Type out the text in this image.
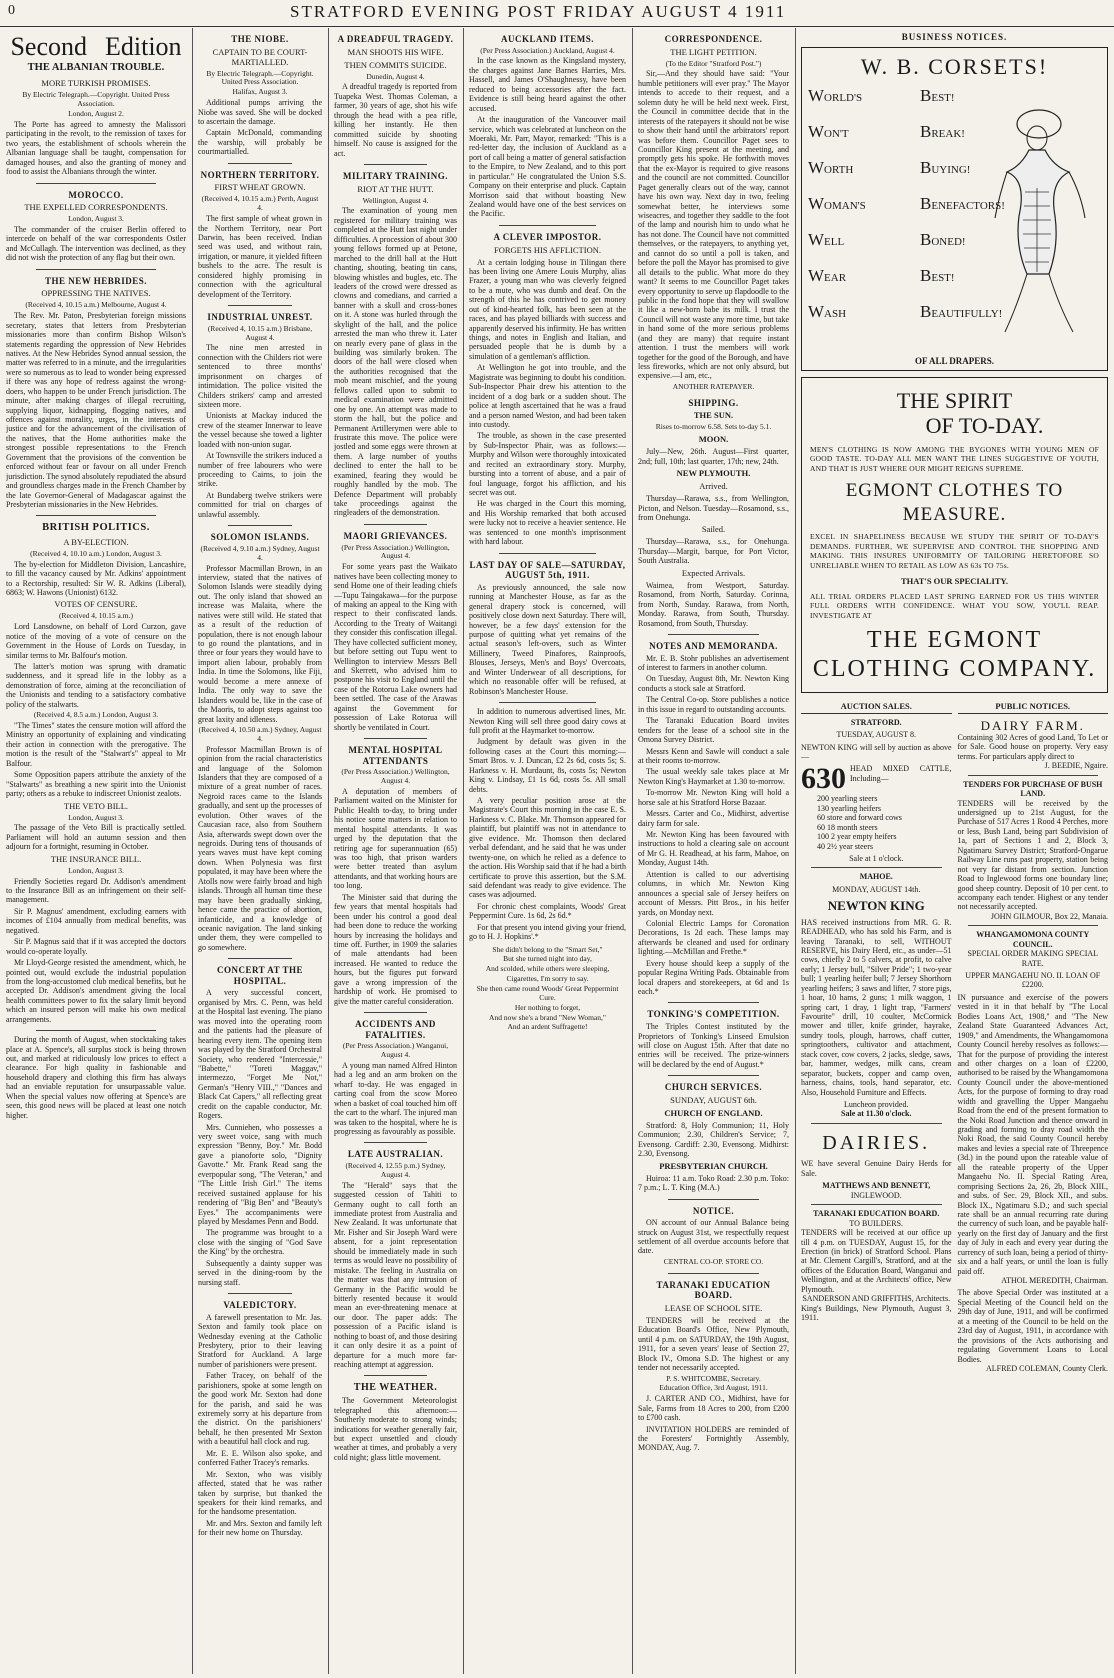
0	STRATFORD EVENING POST FRIDAY AUGUST 4 1911
Second Edition
THE ALBANIAN TROUBLE.
MORE TURKISH PROMISES.

By Electric Telegraph.—Copyright. United Press Association.

London, August 2.

The Porte has agreed to amnesty the Malissori participating in the revolt, to the remission of taxes for two years, the establishment of schools wherein the Albanian language shall be taught, compensation for damaged houses, and also the granting of money and food to assist the Albanians through the winter.

MOROCCO.
THE EXPELLED CORRESPONDENTS.

London, August 3.

The commander of the cruiser Berlin offered to intercede on behalf of the war correspondents Ostler and McCullagh. The intervention was declined, as they did not wish the protection of any flag but their own.

THE NEW HEBRIDES.
OPPRESSING THE NATIVES.

(Received 4, 10.15 a.m.) Melbourne, August 4.

The Rev. Mr. Paton, Presbyterian foreign missions secretary, states that letters from Presbyterian missionaries more than confirm Bishop Wilson's statements regarding the oppression of New Hebrides natives. At the New Hebrides Synod annual session, the matter was referred to in a minute, and the irregularities were so numerous as to lead to wonder being expressed if there was any hope of redress against the wrong-doers, who happen to be under French jurisdiction. The minute, after making charges of illegal recruiting, supplying liquor, kidnapping, flogging natives, and offences against morality, urges, in the interests of justice and for the advancement of the civilisation of the natives, that the Home authorities make the strongest possible representations to the French Government that the provisions of the convention be enforced without fear or favour on all under French jurisdiction. The synod absolutely repudiated the absurd and groundless charges made in the French Chamber by the late Governor-General of Madagascar against the Presbyterian missionaries in the New Hebrides.

BRITISH POLITICS.
A BY-ELECTION.

(Received 4, 10.10 a.m.) London, August 3.

The by-election for Middleton Division, Lancashire, to fill the vacancy caused by Mr. Adkins' appointment to a Rectorship, resulted: Sir W. R. Adkins (Liberal), 6863; W. Hawons (Unionist) 6132.

VOTES OF CENSURE.

(Received 4, 10.15 a.m.)

Lord Lansdowne, on behalf of Lord Curzon, gave notice of the moving of a vote of censure on the Government in the House of Lords on Tuesday, in similar terms to Mr. Balfour's motion.

The latter's motion was sprung with dramatic suddenness, and it spread life in the lobby as a demonstration of force, aiming at the reconciliation of the Unionists and tending to a satisfactory combative policy of the stalwarts.

(Received 4, 8.5 a.m.) London, August 3.

"The Times" states the censure motion will afford the Ministry an opportunity of explaining and vindicating their action in connection with the prerogative. The motion is the result of the "Stalwart's" appeal to Mr Balfour.

Some Opposition papers attribute the anxiety of the "Stalwarts" as breathing a new spirit into the Unionist party; others as a rebuke to indiscreet Unionist zealots.

THE VETO BILL.

London, August 3.

The passage of the Veto Bill is practically settled. Parliament will hold an autumn session and then adjourn for a fortnight, resuming in October.

THE INSURANCE BILL.

London, August 3.

Friendly Societies regard Dr. Addison's amendment to the Insurance Bill as an infringement on their self-management.

Sir P. Magnus' amendment, excluding earners with incomes of £104 annually from medical benefits, was negatived.

Sir P. Magnus said that if it was accepted the doctors would co-operate loyally.

Mr Lloyd-George resisted the amendment, which, he pointed out, would exclude the industrial population from the long-accustomed club medical benefits, but he accepted Dr. Addison's amendment giving the local health committees power to fix the salary limit beyond which an insured person will make his own medical arrangements.

During the month of August, when stocktaking takes place at A. Spence's, all surplus stock is being thrown out, and marked at ridiculously low prices to effect a clearance. For high quality in fashionable and household drapery and clothing this firm has always had an enviable reputation for unsurpassable value. When the special values now offering at Spence's are seen, this good news will be placed at least one notch higher.

THE NIOBE.
CAPTAIN TO BE COURT-MARTIALLED.

By Electric Telegraph.—Copyright. United Press Association.

Halifax, August 3.

Additional pumps arriving the Niobe was saved. She will be docked to ascertain the damage.

Captain McDonald, commanding the warship, will probably be courtmartialled.

NORTHERN TERRITORY.
FIRST WHEAT GROWN.

(Received 4, 10.15 a.m.) Perth, August 4.

The first sample of wheat grown in the Northern Territory, near Port Darwin, has been received. Indian seed was used, and without rain, irrigation, or manure, it yielded fifteen bushels to the acre. The result is considered highly promising in connection with the agricultural development of the Territory.

INDUSTRIAL UNREST.

(Received 4, 10.15 a.m.) Brisbane, August 4.

The nine men arrested in connection with the Childers riot were sentenced to three months' imprisonment on charges of intimidation. The police visited the Childers strikers' camp and arrested sixteen more.

Unionists at Mackay induced the crew of the steamer Innerwar to leave the vessel because she towed a lighter loaded with non-union sugar.

At Townsville the strikers induced a number of free labourers who were proceeding to Cairns, to join the strike.

At Bundaberg twelve strikers were committed for trial on charges of unlawful assembly.

SOLOMON ISLANDS.

(Received 4, 9.10 a.m.) Sydney, August 4.

Professor Macmillan Brown, in an interview, stated that the natives of Solomon Islands were steadily dying out. The only island that showed an increase was Malaita, where the natives were still wild. He stated that as a result of the reduction of population, there is not enough labour to go round the plantations, and in three or four years they would have to import alien labour, probably from India. In time the Solomons, like Fiji, would become a mere annexe of India. The only way to save the Islanders would be, like in the case of the Maoris, to adopt steps against too great laxity and idleness.

(Received 4, 10.50 a.m.) Sydney, August 4.

Professor Macmillan Brown is of opinion from the racial characteristics and language of the Solomon Islanders that they are composed of a mixture of a great number of races. Negroid races came to the Islands gradually, and sent up the processes of evolution. Other waves of the Caucasian race, also from Southern Asia, afterwards swept down over the negroids. During tens of thousands of years waves must have kept coming down. When Polynesia was first populated, it may have been where the Atolls now were fairly broad and high islands. Through all human time these may have been gradually sinking, hence came the practice of abortion, infanticide, and a knowledge of oceanic navigation. The land sinking under them, they were compelled to go somewhere.

CONCERT AT THE HOSPITAL.

A very successful concert, organised by Mrs. C. Penn, was held at the Hospital last evening. The piano was moved into the operating room and the patients had the pleasure of hearing every item. The opening item was played by the Stratford Orchestral Society, who rendered "Intercessie," "Babette," "Toreti Maggav," intermezzo, "Forget Me Not," German's "Henry VIII.," "Dances and Black Cat Capers," all reflecting great credit on the capable conductor, Mr. Rogers.

Mrs. Cunniehen, who possesses a very sweet voice, sang with much expression "Benny, Boy." Mr. Bodd gave a pianoforte solo, "Dignity Gavotte." Mr. Frank Read sang the everpopular song, "The Veteran," and "The Little Irish Girl." The items received sustained applause for his rendering of "Big Ben" and "Beauty's Eyes." The accompaniments were played by Mesdames Penn and Bodd.

The programme was brought to a close with the singing of "God Save the King" by the orchestra.

Subsequently a dainty supper was served in the dining-room by the nursing staff.

VALEDICTORY.

A farewell presentation to Mr. Jas. Sexton and family took place on Wednesday evening at the Catholic Presbytery, prior to their leaving Stratford for Auckland. A large number of parishioners were present.

Father Tracey, on behalf of the parishioners, spoke at some length on the good work Mr. Sexton had done for the parish, and said he was extremely sorry at his departure from the district. On the parishioners' behalf, he then presented Mr Sexton with a beautiful hall clock and rug.

Mr. E. E. Wilson also spoke, and conferred Father Tracey's remarks.

Mr. Sexton, who was visibly affected, stated that he was rather taken by surprise, but thanked the speakers for their kind remarks, and for the handsome presentation.

Mr. and Mrs. Sexton and family left for their new home on Thursday.

A DREADFUL TRAGEDY.
MAN SHOOTS HIS WIFE.
THEN COMMITS SUICIDE.

Dunedin, August 4.

A dreadful tragedy is reported from Tuapeka West. Thomas Coleman, a farmer, 30 years of age, shot his wife through the head with a pea rifle, killing her instantly. He then committed suicide by shooting himself. No cause is assigned for the act.

MILITARY TRAINING.
RIOT AT THE HUTT.

Wellington, August 4.

The examination of young men registered for military training was completed at the Hutt last night under difficulties. A procession of about 300 young fellows formed up at Petone, marched to the drill hall at the Hutt chanting, shouting, beating tin cans, blowing whistles and bugles, etc. The leaders of the crowd were dressed as clowns and comedians, and carried a banner with a skull and cross-bones on it. A stone was hurled through the skylight of the hall, and the police arrested the man who threw it. Later on nearly every pane of glass in the building was similarly broken. The doors of the hall were closed when the authorities recognised that the mob meant mischief, and the young fellows called upon to submit to medical examination were admitted one by one. An attempt was made to storm the hall, but the police and Permanent Artillerymen were able to frustrate this move. The police were jostled and some eggs were thrown at them. A large number of youths declined to enter the hall to be examined, fearing they would be roughly handled by the mob. The Defence Department will probably take proceedings against the ringleaders of the demonstration.

MAORI GRIEVANCES.

(Per Press Association.) Wellington, August 4.

For some years past the Waikato natives have been collecting money to send Home one of their leading chiefs—Tupu Taingakawa—for the purpose of making an appeal to the King with respect to their confiscated lands. According to the Treaty of Waitangi they consider this confiscation illegal. They have collected sufficient money, but before setting out Tupu went to Wellington to interview Messrs Bell and Skerrett, who advised him to postpone his visit to England until the case of the Rotorua Lake owners had been settled. The case of the Arawas against the Government for possession of Lake Rotorua will shortly be ventilated in Court.

MENTAL HOSPITAL ATTENDANTS

(Per Press Association.) Wellington, August 4.

A deputation of members of Parliament waited on the Minister for Public Health to-day, to bring under his notice some matters in relation to mental hospital attendants. It was urged by the deputation that the retiring age for superannuation (65) was too high, that prison warders were better treated than asylum attendants, and that working hours are too long.

The Minister said that during the few years that mental hospitals had been under his control a good deal had been done to reduce the working hours by increasing the holidays and time off. Further, in 1909 the salaries of male attendants had been increased. He wanted to reduce the hours, but the figures put forward gave a wrong impression of the hardship of work. He promised to give the matter careful consideration.

ACCIDENTS AND FATALITIES.

(Per Press Association.) Wanganui, August 4.

A young man named Alfred Hinton had a leg and an arm broken on the wharf to-day. He was engaged in carting coal from the scow Moreo when a basket of coal touched him off the cart to the wharf. The injured man was taken to the hospital, where he is progressing as favourably as possible.

LATE AUSTRALIAN.

(Received 4, 12.55 p.m.) Sydney, August 4.

The "Herald" says that the suggested cession of Tahiti to Germany ought to call forth an immediate protest from Australia and New Zealand. It was unfortunate that Mr. Fisher and Sir Joseph Ward were absent, for a joint representation should be immediately made in such terms as would leave no possibility of mistake. The feeling in Australia on the matter was that any intrusion of Germany in the Pacific would be bitterly resented because it would mean an ever-threatening menace at our door. The paper adds: The possession of a Pacific island is nothing to boast of, and those desiring it can only desire it as a point of departure for a much more far-reaching attempt at aggression.

THE WEATHER.

The Government Meteorologist telegraphed this afternoon:—Southerly moderate to strong winds; indications for weather generally fair, but expect unsettled and cloudy weather at times, and probably a very cold night; glass little movement.

AUCKLAND ITEMS.

(Per Press Association.) Auckland, August 4.

In the case known as the Kingsland mystery, the charges against Jane Barnes Harries, Mrs. Hassell, and James O'Shaughnessy, have been reduced to being accessories after the fact. Evidence is still being heard against the other accused.

At the inauguration of the Vancouver mail service, which was celebrated at luncheon on the Moeraki, Mr. Parr, Mayor, remarked: "This is a red-letter day, the inclusion of Auckland as a port of call being a matter of general satisfaction to the Empire, to New Zealand, and to this port in particular." He congratulated the Union S.S. Company on their enterprise and pluck. Captain Morrison said that without boasting New Zealand would have one of the best services on the Pacific.

A CLEVER IMPOSTOR.
FORGETS HIS AFFLICTION.

At a certain lodging house in Tilingan there has been living one Amere Louis Murphy, alias Frazer, a young man who was cleverly feigned to be a mute, who was dumb and deaf. On the strength of this he has contrived to get money out of kind-hearted folk, has been seen at the races, and has played billiards with success and apparently deserved his infirmity. He has written things, and notes in English and Italian, and persuaded people that he is dumb by a simulation of a gentleman's affliction.

At Wellington he got into trouble, and the Magistrate was beginning to doubt his condition. Sub-Inspector Phair drew his attention to the incident of a dog bark or a sudden shout. The police at length ascertained that he was a fraud and a person named Weston, and had been taken into custody.

The trouble, as shown in the case presented by Sub-Inspector Phair, was as follows:—Murphy and Wilson were thoroughly intoxicated and recited an extraordinary story. Murphy, bursting into a torrent of abuse, and a pair of foul language, forgot his affliction, and his secret was out.

He was charged in the Court this morning, and His Worship remarked that both accused were lucky not to receive a heavier sentence. He was sentenced to one month's imprisonment with hard labour.

LAST DAY OF SALE—SATURDAY, AUGUST 5th, 1911.

As previously announced, the sale now running at Manchester House, as far as the general drapery stock is concerned, will positively close down next Saturday. There will, however, be a few days' extension for the purpose of quitting what yet remains of the actual season's left-overs, such as Winter Millinery, Tweed Pinafores, Rainproofs, Blouses, Jerseys, Men's and Boys' Overcoats, and Winter Underwear of all descriptions, for which no reasonable offer will be refused, at Robinson's Manchester House.

In addition to numerous advertised lines, Mr. Newton King will sell three good dairy cows at full profit at the Haymarket to-morrow.

Judgment by default was given in the following cases at the Court this morning:—Smart Bros. v. J. Duncan, £2 2s 6d, costs 5s; S. Harkness v. H. Murdaunt, 8s, costs 5s; Newton King v. Lindsay, £1 1s 6d, costs 5s. All small debts.

A very peculiar position arose at the Magistrate's Court this morning in the case E. S. Harkness v. C. Blake. Mr. Thomson appeared for plaintiff, but plaintiff was not in attendance to give evidence. Mr. Thomson then declared verbal defendant, and he said that he was under twenty-one, on which he relied as a defence to the action. His Worship said that if he had a birth certificate to prove this assertion, but the S.M. said defendant was ready to give evidence. The cases was adjourned.

For chronic chest complaints, Woods' Great Peppermint Cure. 1s 6d, 2s 6d.*

For that present you intend giving your friend, go to H. J. Hopkins'.*

She didn't belong to the "Smart Set,"

But she turned night into day,

And scolded, while others were sleeping,

Cigarettes, I'm sorry to say.

She then came round Woods' Great Peppermint Cure.

Her nothing to forget,

And now she's a brand "New Woman,"

And an ardent Suffragette!

CORRESPONDENCE.
THE LIGHT PETITION.

(To the Editor "Stratford Post.")

Sir,—And they should have said: "Your humble petitioners will ever pray." The Mayor intends to accede to their request, and a solemn duty he will be held next week. First, the Council in committee decide that in the interests of the ratepayers it should not be wise to show their hand until the arbitrators' report was before them. Councillor Paget sees to Councillor King present at the meeting, and promptly gets his spoke. He forthwith moves that the ex-Mayor is required to give reasons and the council are not committed. Councillor Paget generally clears out of the way, cannot have his own way. Next day in two, feeling somewhat better, he interviews some wiseacres, and together they saddle to the foot of the lamp and nourish him to undo what he has not done. The Council have not committed themselves, or the ratepayers, to anything yet, and cannot do so until a poll is taken, and before the poll the Mayor has promised to give all details to the public. What more do they want? It seems to me Councillor Paget takes every opportunity to serve up flapdoodle to the public in the fond hope that they will swallow it like a new-born babe its milk. I trust the Council will not waste any more time, but take in hand some of the more serious problems (and they are many) that require instant attention. I trust the members will work together for the good of the Borough, and have less fireworks, which are not only absurd, but expensive.—I am, etc.,

ANOTHER RATEPAYER.

SHIPPING.
THE SUN.

Rises to-morrow 6.58. Sets to-day 5.1.

MOON.

July—New, 26th. August—First quarter, 2nd; full, 10th; last quarter, 17th; new, 24th.

NEW PLYMOUTH.
Arrived.

Thursday—Rarawa, s.s., from Wellington, Picton, and Nelson. Tuesday—Rosamond, s.s., from Onehunga.

Sailed.

Thursday—Rarawa, s.s., for Onehunga. Thursday—Margit, barque, for Port Victor, South Australia.

Expected Arrivals.

Waimea, from Westport, Saturday. Rosamond, from North, Saturday. Corinna, from North, Sunday. Rarawa, from North, Monday. Rarawa, from South, Thursday. Rosamond, from South, Thursday.

NOTES AND MEMORANDA.

Mr. E. B. Stohr publishes an advertisement of interest to farmers in another column.

On Tuesday, August 8th, Mr. Newton King conducts a stock sale at Stratford.

The Central Co-op. Store publishes a notice in this issue in regard to outstanding accounts.

The Taranaki Education Board invites tenders for the lease of a school site in the Omona Survey District.

Messrs Kenn and Sawle will conduct a sale at their rooms to-morrow.

The usual weekly sale takes place at Mr Newton King's Haymarket at 1.30 to-morrow.

To-morrow Mr. Newton King will hold a horse sale at his Stratford Horse Bazaar.

Messrs. Carter and Co., Midhirst, advertise dairy farm for sale.

Mr. Newton King has been favoured with instructions to hold a clearing sale on account of Mr G. H. Readhead, at his farm, Mahoe, on Monday, August 14th.

Attention is called to our advertising columns, in which Mr. Newton King announces a special sale of Jersey heifers on account of Messrs. Pitt Bros., in his heifer yards, on Monday next.

Colonial Electric Lamps for Coronation Decorations, 1s 2d each. These lamps may afterwards be cleaned and used for ordinary lighting.—McMillan and Frethe.*

Every house should keep a supply of the popular Regina Writing Pads. Obtainable from local drapers and storekeepers, at 6d and 1s each.*

TONKING'S COMPETITION.

The Triples Contest instituted by the Proprietors of Tonking's Linseed Emulsion will close on August 15th. After that date no entries will be received. The prize-winners will be declared by the end of August.*

CHURCH SERVICES.
SUNDAY, AUGUST 6th.
CHURCH OF ENGLAND.

Stratford: 8, Holy Communion; 11, Holy Communion; 2.30, Children's Service; 7, Evensong. Cardiff: 2.30, Evensong. Midhirst: 2.30, Evensong.

PRESBYTERIAN CHURCH.

Huiroa: 11 a.m. Toko Road: 2.30 p.m. Toko: 7 p.m.; L. T. King (M.A.)

NOTICE.

ON account of our Annual Balance being struck on August 31st, we respectfully request settlement of all overdue accounts before that date.

CENTRAL CO-OP. STORE CO.

TARANAKI EDUCATION BOARD.
LEASE OF SCHOOL SITE.

TENDERS will be received at the Education Board's Office, New Plymouth, until 4 p.m. on SATURDAY, the 19th August, 1911, for a seven years' lease of Section 27, Block IV., Omona S.D. The highest or any tender not necessarily accepted.

P. S. WHITCOMBE, Secretary.

Education Office, 3rd August, 1911.

J. CARTER AND CO., Midhirst, have for Sale, Farms from 18 Acres to 200, from £200 to £700 cash.

INVITATION HOLDERS are reminded of the Foresters' Fortnightly Assembly, MONDAY, Aug. 7.

BUSINESS NOTICES.
W. B. CORSETS!
WORLD'S	BEST!
WON'T	BREAK!
WORTH	BUYING!
WOMAN'S	BENEFACTORS!
WELL	BONED!
WEAR	BEST!
WASH	BEAUTIFULLY!
OF ALL DRAPERS.
THE SPIRIT
OF TO-DAY.
MEN'S CLOTHING IS NOW AMONG THE BYGONES WITH YOUNG MEN OF GOOD TASTE. TO-DAY ALL MEN WANT THE LINES SUGGESTIVE OF YOUTH, AND THAT IS JUST WHERE OUR MIGHT REIGNS SUPREME.
EGMONT CLOTHES TO MEASURE.
EXCEL IN SHAPELINESS BECAUSE WE STUDY THE SPIRIT OF TO-DAY'S DEMANDS. FURTHER, WE SUPERVISE AND CONTROL THE SHOPPING AND MAKING. THIS INSURES UNIFORMITY OF TAILORING HERETOFORE SO UNRELIABLE WHEN TO RETAIL AS LOW AS 63s TO 75s.
THAT'S OUR SPECIALITY.
ALL TRIAL ORDERS PLACED LAST SPRING EARNED FOR US THIS WINTER FULL ORDERS WITH CONFIDENCE. WHAT YOU SOW, YOU'LL REAP. INVESTIGATE AT
THE EGMONT CLOTHING COMPANY.
AUCTION SALES.
STRATFORD.
TUESDAY, AUGUST 8.
NEWTON KING will sell by auction as above—
630 HEAD MIXED CATTLE, Including—
200 yearling steers
130 yearling heifers
60 store and forward cows
60 18 month steers
100 2 year empty heifers
40 2½ year steers
Sale at 1 o'clock.
MAHOE.
MONDAY, AUGUST 14th.
NEWTON KING
HAS received instructions from MR. G. R. READHEAD, who has sold his Farm, and is leaving Taranaki, to sell, WITHOUT RESERVE, his Dairy Herd, etc., as under—51 cows, chiefly 2 to 5 calvers, at profit, to calve early; 1 Jersey bull, "Silver Pride"; 1 two-year bull; 1 yearling heifer bull; 7 Jersey Shorthorn yearling heifers; 3 saws and lifter, 7 store pigs, 1 hoar, 10 hams, 2 guns; 1 milk waggon, 1 spring cart, 1 dray, 1 light trap, "Farmers' Favourite" drill, 10 coulter, McCormick mower and tiller, knife grinder, hayrake, sundry tools, plough, harrows, chaff cutter, springtoothers, cultivator and attachment, stack cover, cow covers, 2 jacks, sledge, saws, bar, hammer, wedges, milk cans, cream separator, buckets, copper and camp oven, harness, chains, tools, hand separator, etc. Also, Household Furniture and Effects.
Luncheon provided.
Sale at 11.30 o'clock.
DAIRIES.
WE have several Genuine Dairy Herds for Sale.
MATTHEWS AND BENNETT,
INGLEWOOD.
TARANAKI EDUCATION BOARD.
TO BUILDERS.
TENDERS will be received at our office up till 4 p.m. on TUESDAY, August 15, for the Erection (in brick) of Stratford School. Plans at Mr. Clement Cargill's, Stratford, and at the offices of the Education Board, Wanganui and Wellington, and at the Architects' office, New Plymouth.
SANDERSON AND GRIFFITHS, Architects.
King's Buildings, New Plymouth, August 3, 1911.
PUBLIC NOTICES.
DAIRY FARM.
Containing 302 Acres of good Land, To Let or for Sale. Good house on property. Very easy terms. For particulars apply direct to
J. BEEDIE, Ngaire.
TENDERS FOR PURCHASE OF BUSH LAND.
TENDERS will be received by the undersigned up to 21st August, for the Purchase of 517 Acres 1 Rood 4 Perches, more or less, Bush Land, being part Subdivision of 1a, part of Sections 1 and 2, Block 3, Ngatimaru Survey District; Stratford-Ongarue Railway Line runs past property, station being not very far distant from section. Junction Road to Inglewood forms one boundary line; good sheep country. Deposit of 10 per cent. to accompany each tender. Highest or any tender not necessarily accepted.
JOHN GILMOUR, Box 22, Manaia.
WHANGAMOMONA COUNTY COUNCIL.
SPECIAL ORDER MAKING SPECIAL RATE.
UPPER MANGAEHU NO. II. LOAN OF £2200.
IN pursuance and exercise of the powers vested in it in that behalf by "The Local Bodies Loans Act, 1908," and "The New Zealand State Guaranteed Advances Act, 1909," and Amendments, the Whangamomona County Council hereby resolves as follows:—That for the purpose of providing the interest and other charges on a loan of £2200, authorised to be raised by the Whangamomona County Council under the above-mentioned Acts, for the purpose of forming to dray road width and gravelling the Upper Mangaehu Road from the end of the present formation to the Noki Road Junction and thence onward in grading and forming to dray road width the Noki Road, the said County Council hereby makes and levies a special rate of Threepence (3d.) in the pound upon the rateable value of all the rateable property of the Upper Mangaehu No. II. Special Rating Area, comprising Sections 2a, 26, 2b, Block XIII., and subs. of Sec. 29, Block XII., and subs. Block IX., Ngatimaru S.D.; and such special rate shall be an annual recurring rate during the currency of such loan, and be payable half-yearly on the first day of January and the first day of July in each and every year during the currency of such loan, being a period of thirty-six and a half years, or until the loan is fully paid off.
ATHOL MEREDITH, Chairman.
The above Special Order was instituted at a Special Meeting of the Council held on the 29th day of June, 1911, and will be confirmed at a meeting of the Council to be held on the 23rd day of August, 1911, in accordance with the provisions of the Acts authorising and regulating Government Loans to Local Bodies.
ALFRED COLEMAN, County Clerk.
